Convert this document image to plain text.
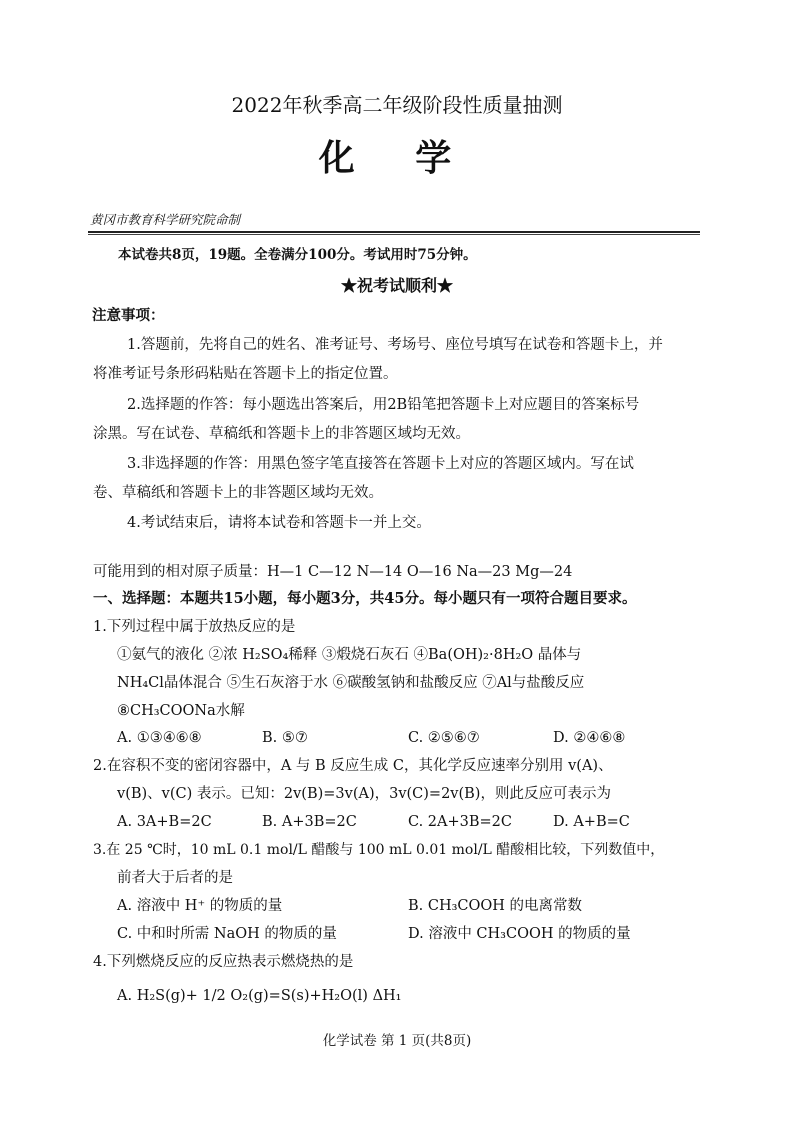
2022年秋季高二年级阶段性质量抽测
化 学
黄冈市教育科学研究院命制
本试卷共8页，19题。全卷满分100分。考试用时75分钟。
★祝考试顺利★
注意事项：
1.答题前，先将自己的姓名、准考证号、考场号、座位号填写在试卷和答题卡上，并
将准考证号条形码粘贴在答题卡上的指定位置。
2.选择题的作答：每小题选出答案后，用2B铅笔把答题卡上对应题目的答案标号
涂黑。写在试卷、草稿纸和答题卡上的非答题区域均无效。
3.非选择题的作答：用黑色签字笔直接答在答题卡上对应的答题区域内。写在试
卷、草稿纸和答题卡上的非答题区域均无效。
4.考试结束后，请将本试卷和答题卡一并上交。
可能用到的相对原子质量：H—1 C—12 N—14 O—16 Na—23 Mg—24
一、选择题：本题共15小题，每小题3分，共45分。每小题只有一项符合题目要求。
1.下列过程中属于放热反应的是
①氨气的液化 ②浓 H₂SO₄稀释 ③煅烧石灰石 ④Ba(OH)₂·8H₂O 晶体与
NH₄Cl晶体混合 ⑤生石灰溶于水 ⑥碳酸氢钠和盐酸反应 ⑦Al与盐酸反应
⑧CH₃COONa水解
A. ①③④⑥⑧	B. ⑤⑦	C. ②⑤⑥⑦	D. ②④⑥⑧
2.在容积不变的密闭容器中，A 与 B 反应生成 C，其化学反应速率分别用 v(A)、
v(B)、v(C) 表示。已知：2v(B)=3v(A)，3v(C)=2v(B)，则此反应可表示为
A. 3A+B=2C	B. A+3B=2C	C. 2A+3B=2C	D. A+B=C
3.在 25 ℃时，10 mL 0.1 mol/L 醋酸与 100 mL 0.01 mol/L 醋酸相比较，下列数值中，
前者大于后者的是
A. 溶液中 H⁺ 的物质的量	B. CH₃COOH 的电离常数
C. 中和时所需 NaOH 的物质的量	D. 溶液中 CH₃COOH 的物质的量
4.下列燃烧反应的反应热表示燃烧热的是
A. H₂S(g)+ 1/2 O₂(g)=S(s)+H₂O(l) ΔH₁
化学试卷 第 1 页(共8页)
